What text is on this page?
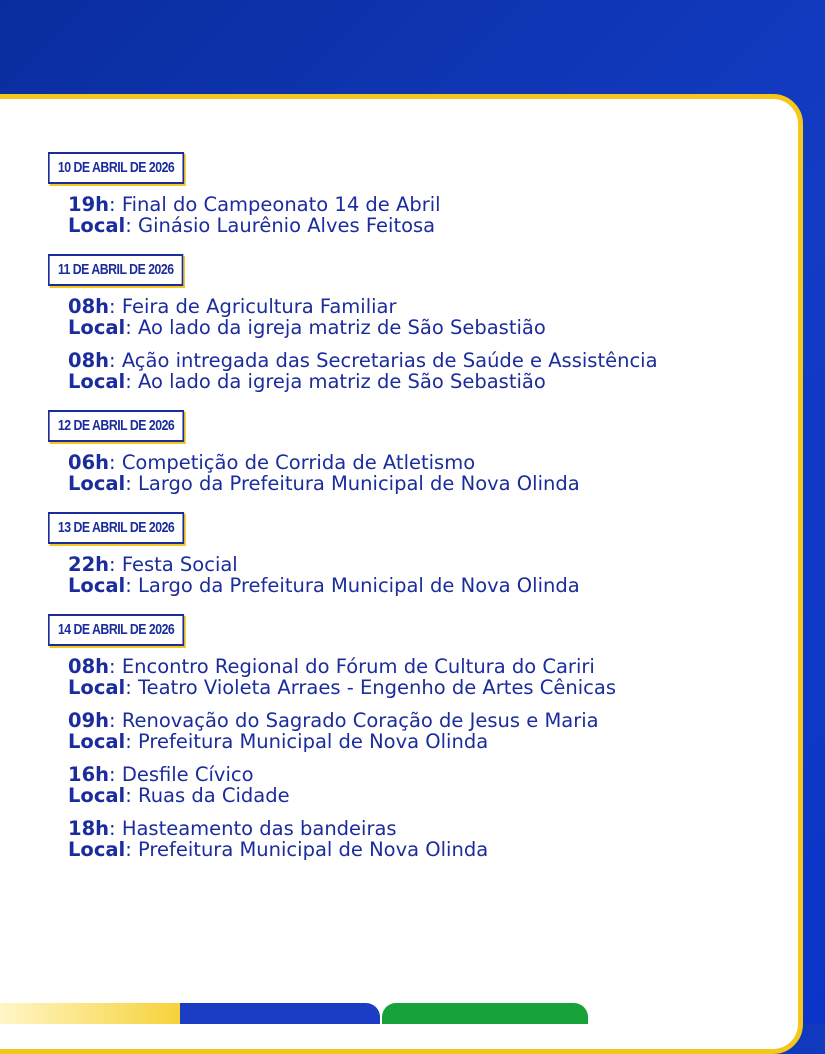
10 DE ABRIL DE 2026
19h: Final do Campeonato 14 de Abril
Local: Ginásio Laurênio Alves Feitosa
11 DE ABRIL DE 2026
08h: Feira de Agricultura Familiar
Local: Ao lado da igreja matriz de São Sebastião
08h: Ação intregada das Secretarias de Saúde e Assistência
Local: Ao lado da igreja matriz de São Sebastião
12 DE ABRIL DE 2026
06h: Competição de Corrida de Atletismo
Local: Largo da Prefeitura Municipal de Nova Olinda
13 DE ABRIL DE 2026
22h: Festa Social
Local: Largo da Prefeitura Municipal de Nova Olinda
14 DE ABRIL DE 2026
08h: Encontro Regional do Fórum de Cultura do Cariri
Local: Teatro Violeta Arraes - Engenho de Artes Cênicas
09h: Renovação do Sagrado Coração de Jesus e Maria
Local: Prefeitura Municipal de Nova Olinda
16h: Desfile Cívico
Local: Ruas da Cidade
18h: Hasteamento das bandeiras
Local: Prefeitura Municipal de Nova Olinda
